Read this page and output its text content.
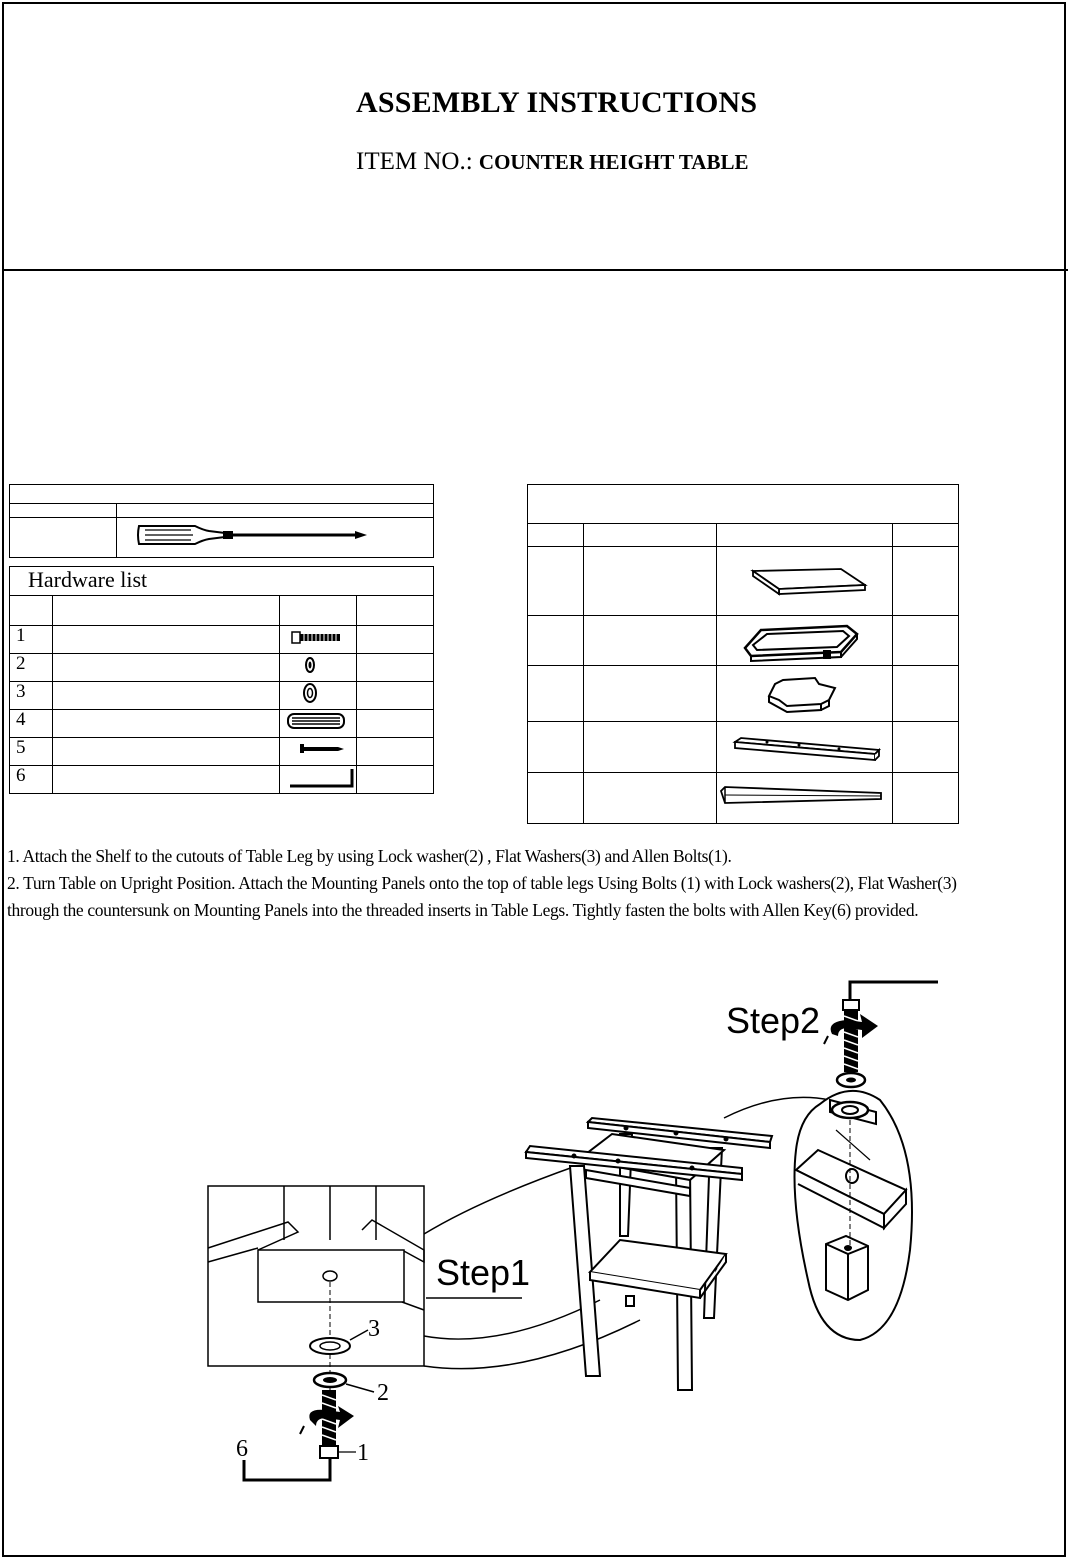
ASSEMBLY INSTRUCTIONS
ITEM NO.: COUNTER HEIGHT TABLE

Hardware list			

1			
2			
3			
4			
5			
6			

1. Attach the Shelf to the cutouts of Table Leg by using Lock washer(2) , Flat Washers(3) and Allen Bolts(1).
2. Turn Table on Upright Position. Attach the Mounting Panels onto the top of table legs Using Bolts (1) with Lock washers(2), Flat Washer(3)
through the countersunk on Mounting Panels into the threaded inserts in Table Legs. Tightly fasten the bolts with Allen Key(6) provided.
Step1
Step2
3
2
6	1
